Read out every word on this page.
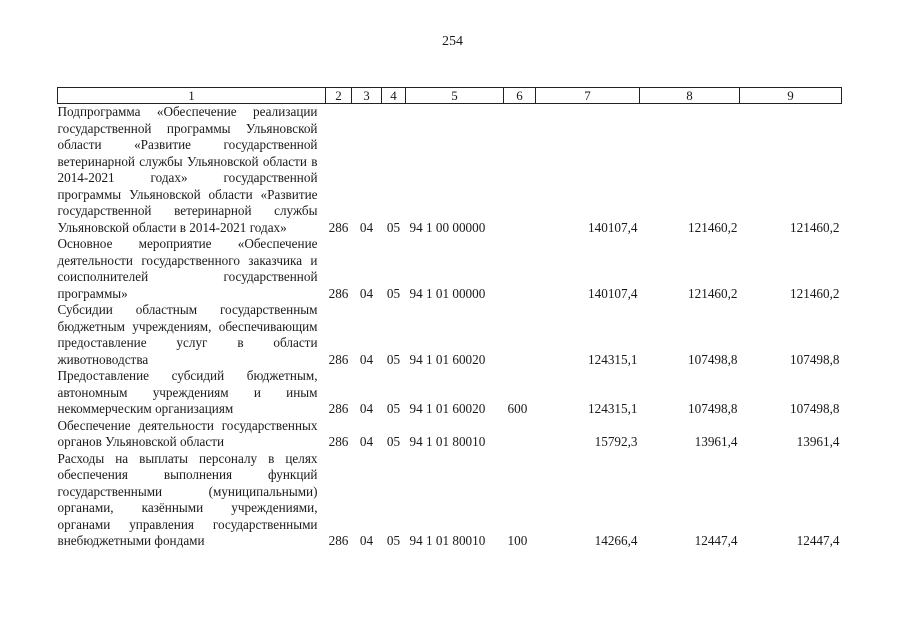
254
1	2	3	4	5	6	7	8	9
Подпрограмма «Обеспечение реализации государственной программы Ульяновской области «Развитие государственной ветеринарной службы Ульяновской области в 2014-2021 годах» государственной программы Ульяновской области «Развитие государственной ветеринарной службы Ульяновской области в 2014-2021 годах»	286	04	05	94 1 00 00000		140107,4	121460,2	121460,2
Основное мероприятие «Обеспечение деятельности государственного заказчика и соисполнителей государственной программы»	286	04	05	94 1 01 00000		140107,4	121460,2	121460,2
Субсидии областным государственным бюджетным учреждениям, обеспечивающим предоставление услуг в области животноводства	286	04	05	94 1 01 60020		124315,1	107498,8	107498,8
Предоставление субсидий бюджетным, автономным учреждениям и иным некоммерческим организациям	286	04	05	94 1 01 60020	600	124315,1	107498,8	107498,8
Обеспечение деятельности государственных органов Ульяновской области	286	04	05	94 1 01 80010		15792,3	13961,4	13961,4
Расходы на выплаты персоналу в целях обеспечения выполнения функций государственными (муниципальными) органами, казёнными учреждениями, органами управления государственными внебюджетными фондами	286	04	05	94 1 01 80010	100	14266,4	12447,4	12447,4
